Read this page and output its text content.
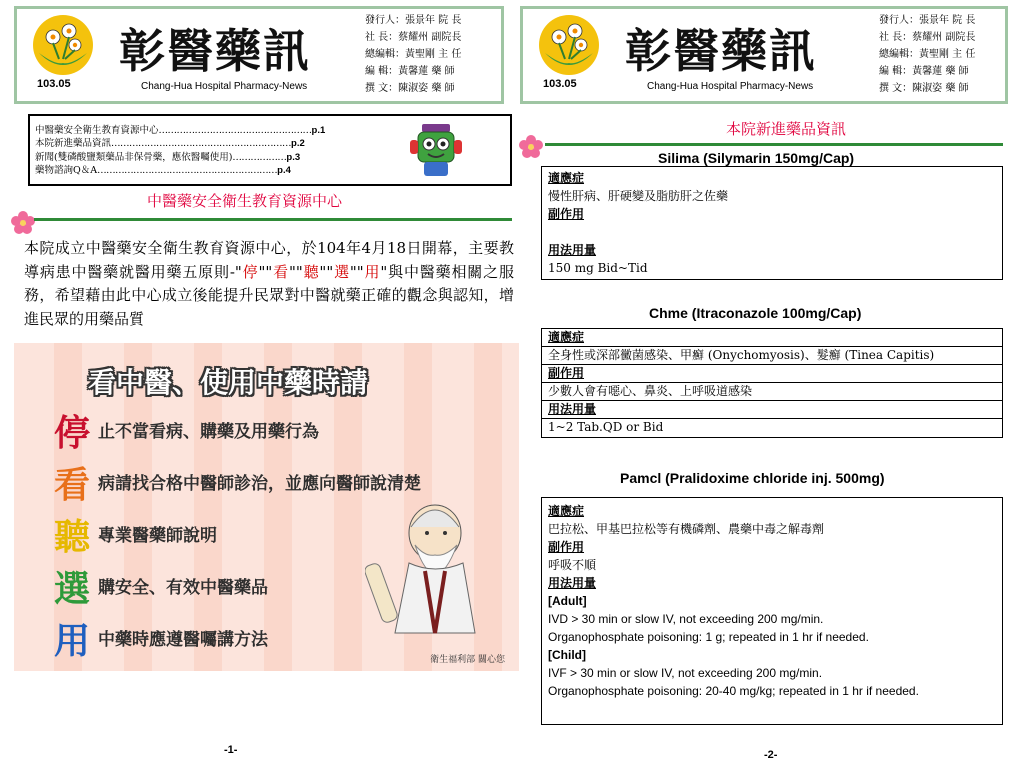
103.05
彰醫藥訊
Chang-Hua Hospital Pharmacy-News
發行人：張景年 院 長
社 長：蔡耀州 副院長
總編輯：黃聖剛 主 任
編 輯：黃馨蓮 藥 師
撰 文：陳淑姿 藥 師	103.05
彰醫藥訊
Chang-Hua Hospital Pharmacy-News
發行人：張景年 院 長
社 長：蔡耀州 副院長
總編輯：黃聖剛 主 任
編 輯：黃馨蓮 藥 師
撰 文：陳淑姿 藥 師
中醫藥安全衛生教育資源中心……………………………………………p.1
本院新進藥品資訊……………………………………………………p.2
新聞(雙磷酸鹽類藥品非保骨藥，應依醫囑使用)………………p.3
藥物諮詢Q＆A……………………………………………………p.4
中醫藥安全衛生教育資源中心
本院成立中醫藥安全衛生教育資源中心，於104年4月18日開幕，主要教導病患中醫藥就醫用藥五原則-"停""看""聽""選""用"與中醫藥相關之服務，希望藉由此中心成立後能提升民眾對中醫就藥正確的觀念與認知，增進民眾的用藥品質
看中醫、使用中藥時請
停 止不當看病、購藥及用藥行為
看 病請找合格中醫師診治，並應向醫師說清楚
聽 專業醫藥師說明
選 購安全、有效中醫藥品
用 中藥時應遵醫囑講方法
衛生福利部 關心您
本院新進藥品資訊
Silima (Silymarin 150mg/Cap)
適應症
慢性肝病、肝硬變及脂肪肝之佐藥
副作用
用法用量
150 mg Bid~Tid
Chme (Itraconazole 100mg/Cap)
適應症
全身性或深部黴菌感染、甲癬 (Onychomyosis)、髮癬 (Tinea Capitis)
副作用
少數人會有噁心、鼻炎、上呼吸道感染
用法用量
1~2 Tab.QD or Bid
Pamcl (Pralidoxime chloride inj. 500mg)
適應症
巴拉松、甲基巴拉松等有機磷劑、農藥中毒之解毒劑
副作用
呼吸不順
用法用量
[Adult]
IVD > 30 min or slow IV, not exceeding 200 mg/min.
Organophosphate poisoning: 1 g; repeated in 1 hr if needed.
[Child]
IVF > 30 min or slow IV, not exceeding 200 mg/min.
Organophosphate poisoning: 20-40 mg/kg; repeated in 1 hr if needed.
-1-	-2-
